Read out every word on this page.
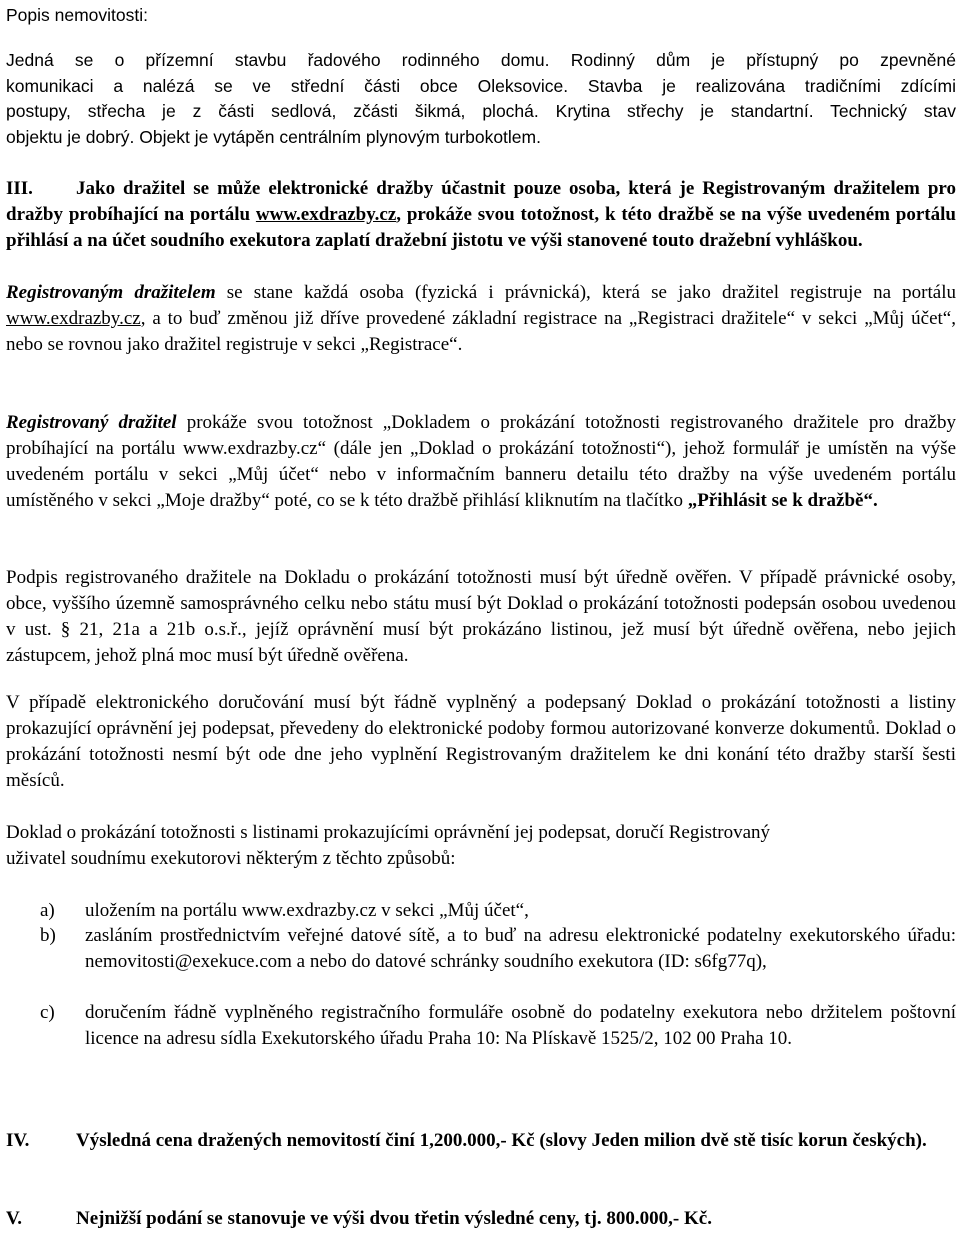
Popis nemovitosti:

Jedná se o přízemní stavbu řadového rodinného domu. Rodinný dům je přístupný po zpevněné

komunikaci a nalézá se ve střední části obce Oleksovice. Stavba je realizována tradičními zdícími

postupy, střecha je z části sedlová, zčásti šikmá, plochá. Krytina střechy je standartní. Technický stav

objektu je dobrý. Objekt je vytápěn centrálním plynovým turbokotlem.

III. Jako dražitel se může elektronické dražby účastnit pouze osoba, která je Registrovaným dražitelem pro dražby probíhající na portálu www.exdrazby.cz, prokáže svou totožnost, k této dražbě se na výše uvedeném portálu přihlásí a na účet soudního exekutora zaplatí dražební jistotu ve výši stanovené touto dražební vyhláškou.
Registrovaným dražitelem se stane každá osoba (fyzická i právnická), která se jako dražitel registruje na portálu www.exdrazby.cz, a to buď změnou již dříve provedené základní registrace na „Registraci dražitele“ v sekci „Můj účet“, nebo se rovnou jako dražitel registruje v sekci „Registrace“.
Registrovaný dražitel prokáže svou totožnost „Dokladem o prokázání totožnosti registrovaného dražitele pro dražby probíhající na portálu www.exdrazby.cz“ (dále jen „Doklad o prokázání totožnosti“), jehož formulář je umístěn na výše uvedeném portálu v sekci „Můj účet“ nebo v informačním banneru detailu této dražby na výše uvedeném portálu umístěného v sekci „Moje dražby“ poté, co se k této dražbě přihlásí kliknutím na tlačítko „Přihlásit se k dražbě“.

Podpis registrovaného dražitele na Dokladu o prokázání totožnosti musí být úředně ověřen. V případě právnické osoby, obce, vyššího územně samosprávného celku nebo státu musí být Doklad o prokázání totožnosti podepsán osobou uvedenou v ust. § 21, 21a a 21b o.s.ř., jejíž oprávnění musí být prokázáno listinou, jež musí být úředně ověřena, nebo jejich zástupcem, jehož plná moc musí být úředně ověřena.

V případě elektronického doručování musí být řádně vyplněný a podepsaný Doklad o prokázání totožnosti a listiny prokazující oprávnění jej podepsat, převedeny do elektronické podoby formou autorizované konverze dokumentů. Doklad o prokázání totožnosti nesmí být ode dne jeho vyplnění Registrovaným dražitelem ke dni konání této dražby starší šesti měsíců.

Doklad o prokázání totožnosti s listinami prokazujícími oprávnění jej podepsat, doručí Registrovaný

uživatel soudnímu exekutorovi některým z těchto způsobů:

a) uložením na portálu www.exdrazby.cz v sekci „Můj účet“,

b) zasláním prostřednictvím veřejné datové sítě, a to buď na adresu elektronické podatelny exekutorského úřadu: nemovitosti@exekuce.com a nebo do datové schránky soudního exekutora (ID: s6fg77q),

c) doručením řádně vyplněného registračního formuláře osobně do podatelny exekutora nebo držitelem poštovní licence na adresu sídla Exekutorského úřadu Praha 10: Na Plískavě 1525/2, 102 00 Praha 10.

IV. Výsledná cena dražených nemovitostí činí 1,200.000,- Kč (slovy Jeden milion dvě stě tisíc korun českých).
V.	Nejnižší podání se stanovuje ve výši dvou třetin výsledné ceny, tj. 800.000,- Kč.
